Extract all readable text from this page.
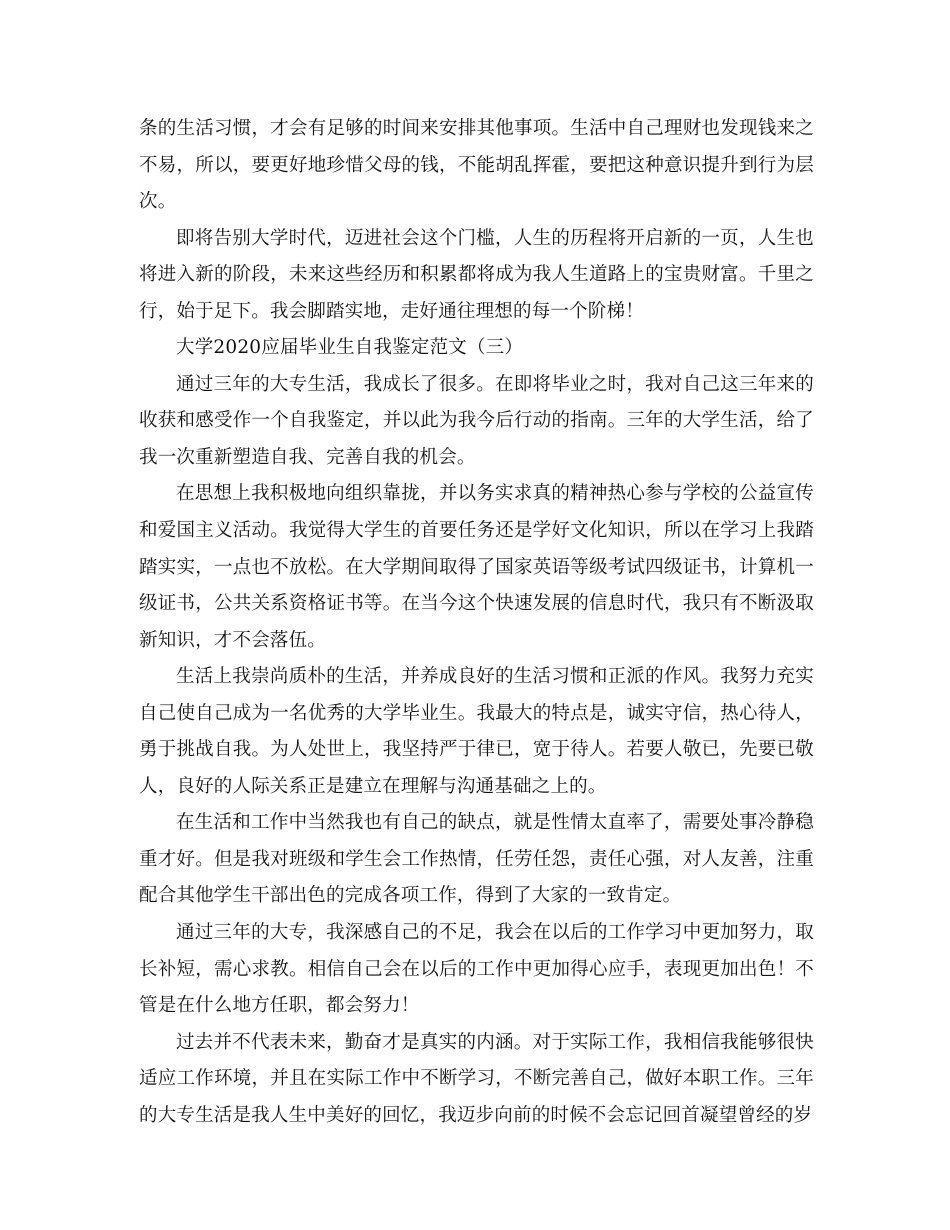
条的生活习惯，才会有足够的时间来安排其他事项。生活中自己理财也发现钱来之不易，所以，要更好地珍惜父母的钱，不能胡乱挥霍，要把这种意识提升到行为层次。

即将告别大学时代，迈进社会这个门槛，人生的历程将开启新的一页，人生也将进入新的阶段，未来这些经历和积累都将成为我人生道路上的宝贵财富。千里之行，始于足下。我会脚踏实地，走好通往理想的每一个阶梯！

大学2020应届毕业生自我鉴定范文（三）

通过三年的大专生活，我成长了很多。在即将毕业之时，我对自己这三年来的收获和感受作一个自我鉴定，并以此为我今后行动的指南。三年的大学生活，给了我一次重新塑造自我、完善自我的机会。

在思想上我积极地向组织靠拢，并以务实求真的精神热心参与学校的公益宣传和爱国主义活动。我觉得大学生的首要任务还是学好文化知识，所以在学习上我踏踏实实，一点也不放松。在大学期间取得了国家英语等级考试四级证书，计算机一级证书，公共关系资格证书等。在当今这个快速发展的信息时代，我只有不断汲取新知识，才不会落伍。

生活上我崇尚质朴的生活，并养成良好的生活习惯和正派的作风。我努力充实自己使自己成为一名优秀的大学毕业生。我最大的特点是，诚实守信，热心待人，勇于挑战自我。为人处世上，我坚持严于律已，宽于待人。若要人敬已，先要已敬人，良好的人际关系正是建立在理解与沟通基础之上的。

在生活和工作中当然我也有自己的缺点，就是性情太直率了，需要处事冷静稳重才好。但是我对班级和学生会工作热情，任劳任怨，责任心强，对人友善，注重配合其他学生干部出色的完成各项工作，得到了大家的一致肯定。

通过三年的大专，我深感自己的不足，我会在以后的工作学习中更加努力，取长补短，需心求教。相信自己会在以后的工作中更加得心应手，表现更加出色！不管是在什么地方任职，都会努力！

过去并不代表未来，勤奋才是真实的内涵。对于实际工作，我相信我能够很快适应工作环境，并且在实际工作中不断学习，不断完善自己，做好本职工作。三年的大专生活是我人生中美好的回忆，我迈步向前的时候不会忘记回首凝望曾经的岁
